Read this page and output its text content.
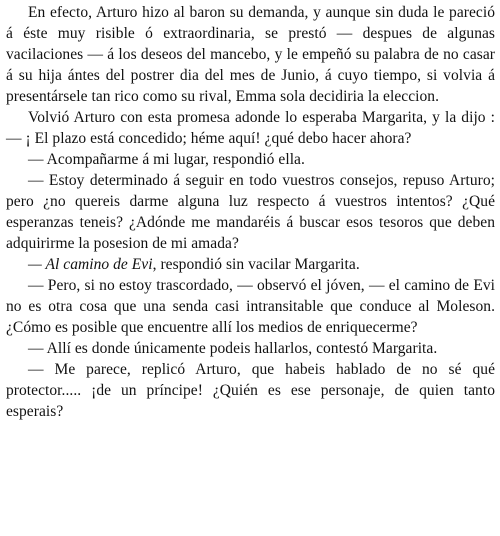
En efecto, Arturo hizo al baron su demanda, y aunque sin duda le pareció á éste muy risible ó extraordinaria, se prestó — despues de algunas vacilaciones — á los deseos del mancebo, y le empeñó su palabra de no casar á su hija ántes del postrer dia del mes de Junio, á cuyo tiempo, si volvia á presentársele tan rico como su rival, Emma sola decidiria la eleccion.

Volvió Arturo con esta promesa adonde lo esperaba Margarita, y la dijo : — ¡ El plazo está concedido; héme aquí! ¿qué debo hacer ahora?

— Acompañarme á mi lugar, respondió ella.

— Estoy determinado á seguir en todo vuestros consejos, repuso Arturo; pero ¿no quereis darme alguna luz respecto á vuestros intentos? ¿Qué esperanzas teneis? ¿Adónde me mandaréis á buscar esos tesoros que deben adquirirme la posesion de mi amada?

— Al camino de Evi, respondió sin vacilar Margarita.

— Pero, si no estoy trascordado, — observó el jóven, — el camino de Evi no es otra cosa que una senda casi intransitable que conduce al Moleson. ¿Cómo es posible que encuentre allí los medios de enriquecerme?

— Allí es donde únicamente podeis hallarlos, contestó Margarita.

— Me parece, replicó Arturo, que habeis hablado de no sé qué protector..... ¡de un príncipe! ¿Quién es ese personaje, de quien tanto esperais?
